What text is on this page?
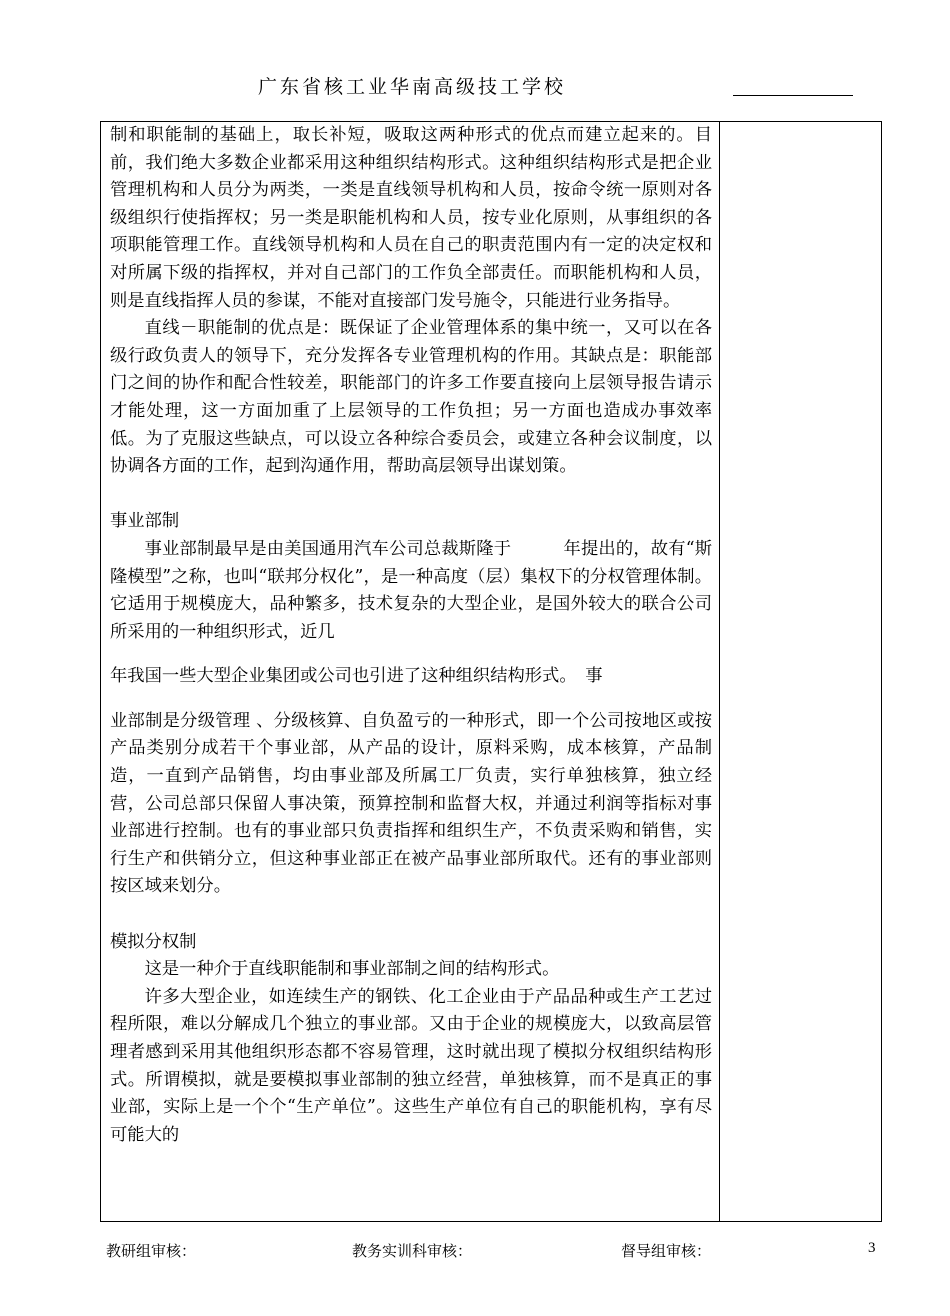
广东省核工业华南高级技工学校

制和职能制的基础上，取长补短，吸取这两种形式的优点而建立起来的。目前，我们绝大多数企业都采用这种组织结构形式。这种组织结构形式是把企业管理机构和人员分为两类，一类是直线领导机构和人员，按命令统一原则对各级组织行使指挥权；另一类是职能机构和人员，按专业化原则，从事组织的各项职能管理工作。直线领导机构和人员在自己的职责范围内有一定的决定权和对所属下级的指挥权，并对自己部门的工作负全部责任。而职能机构和人员，则是直线指挥人员的参谋，不能对直接部门发号施令，只能进行业务指导。

直线－职能制的优点是：既保证了企业管理体系的集中统一，又可以在各级行政负责人的领导下，充分发挥各专业管理机构的作用。其缺点是：职能部门之间的协作和配合性较差，职能部门的许多工作要直接向上层领导报告请示才能处理，这一方面加重了上层领导的工作负担；另一方面也造成办事效率低。为了克服这些缺点，可以设立各种综合委员会，或建立各种会议制度，以协调各方面的工作，起到沟通作用，帮助高层领导出谋划策。

事业部制

事业部制最早是由美国通用汽车公司总裁斯隆于　　　年提出的，故有“斯隆模型”之称，也叫“联邦分权化”，是一种高度（层）集权下的分权管理体制。它适用于规模庞大，品种繁多，技术复杂的大型企业，是国外较大的联合公司所采用的一种组织形式，近几

年我国一些大型企业集团或公司也引进了这种组织结构形式。　事

业部制是分级管理 、分级核算、自负盈亏的一种形式，即一个公司按地区或按产品类别分成若干个事业部，从产品的设计，原料采购，成本核算，产品制造，一直到产品销售，均由事业部及所属工厂负责，实行单独核算，独立经营，公司总部只保留人事决策，预算控制和监督大权，并通过利润等指标对事业部进行控制。也有的事业部只负责指挥和组织生产，不负责采购和销售，实行生产和供销分立，但这种事业部正在被产品事业部所取代。还有的事业部则按区域来划分。

模拟分权制

这是一种介于直线职能制和事业部制之间的结构形式。

许多大型企业，如连续生产的钢铁、化工企业由于产品品种或生产工艺过程所限，难以分解成几个独立的事业部。又由于企业的规模庞大，以致高层管理者感到采用其他组织形态都不容易管理，这时就出现了模拟分权组织结构形式。所谓模拟，就是要模拟事业部制的独立经营，单独核算，而不是真正的事业部，实际上是一个个“生产单位”。这些生产单位有自己的职能机构，享有尽可能大的

教研组审核：	教务实训科审核：	督导组审核：	3
